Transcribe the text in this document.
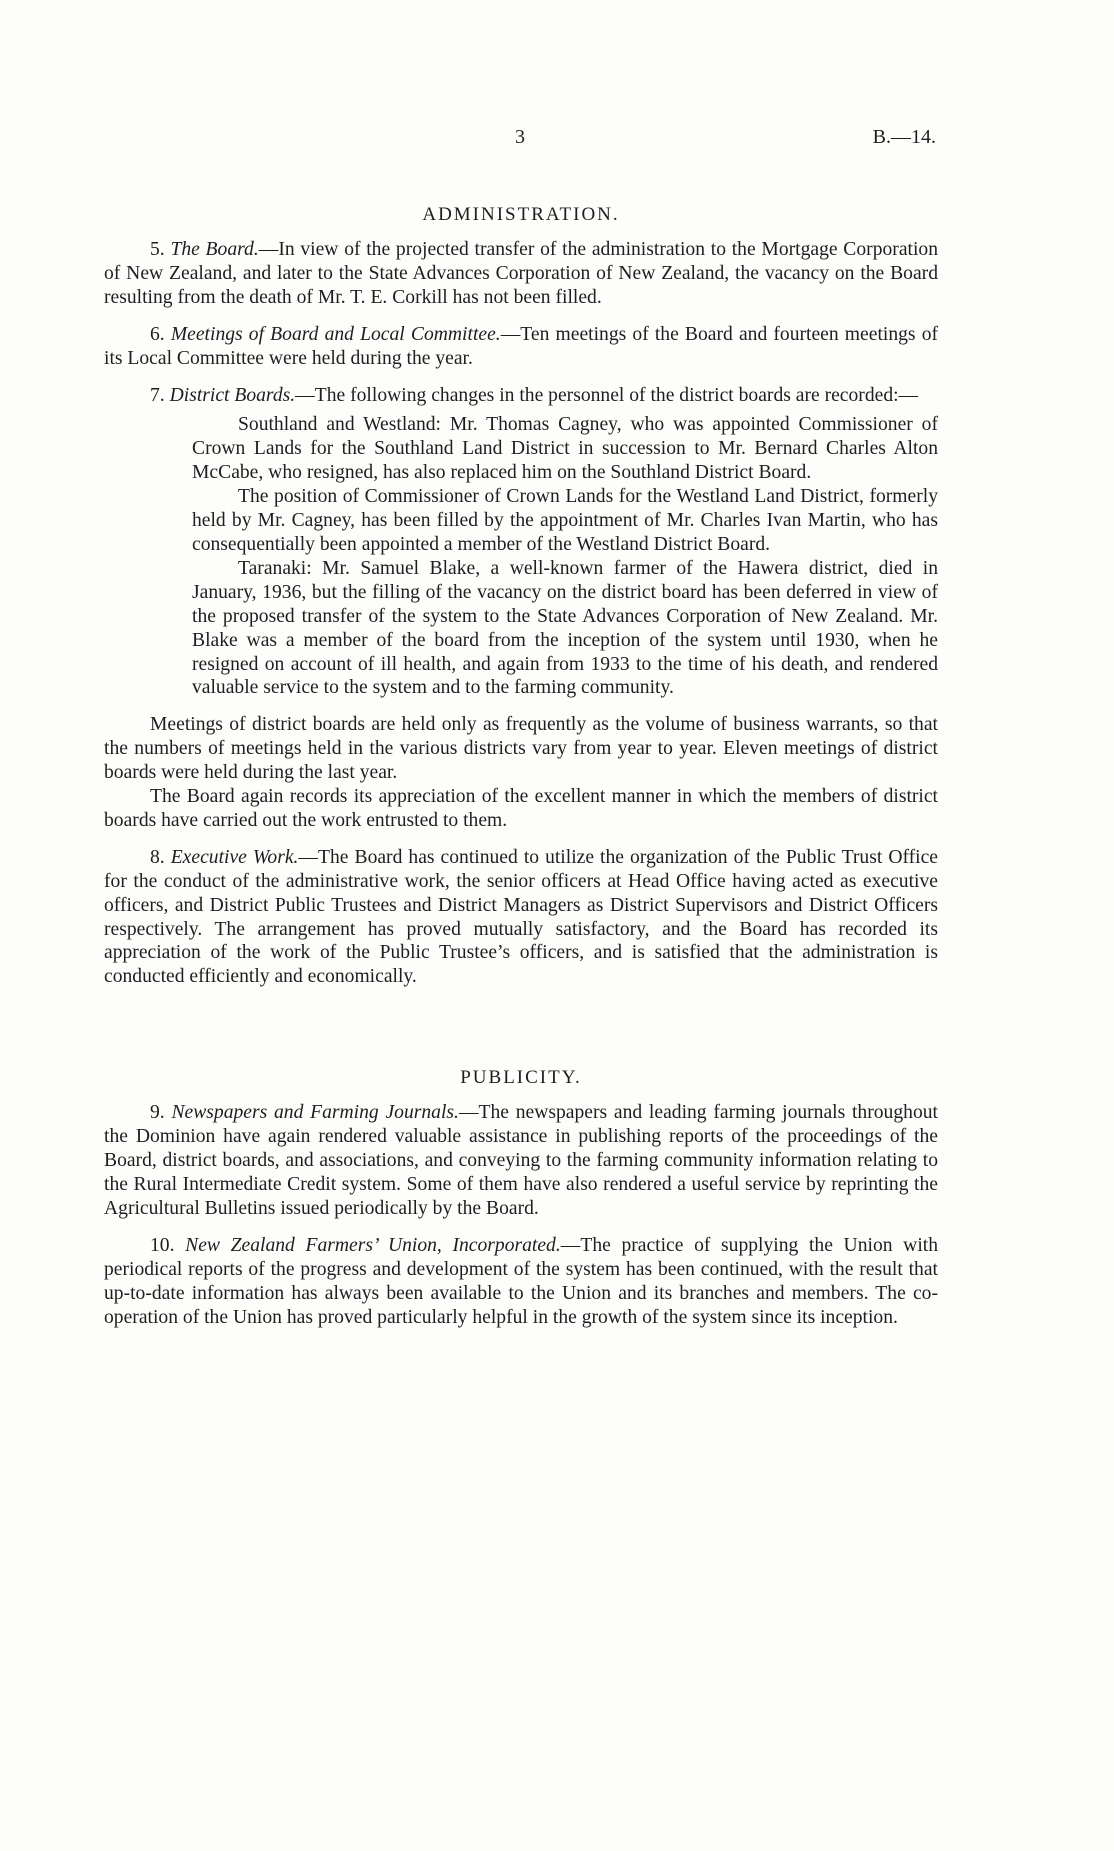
3	B.—14.
ADMINISTRATION.

5. The Board.—In view of the projected transfer of the administration to the Mortgage Corporation of New Zealand, and later to the State Advances Corporation of New Zealand, the vacancy on the Board resulting from the death of Mr. T. E. Corkill has not been filled.

6. Meetings of Board and Local Committee.—Ten meetings of the Board and fourteen meetings of its Local Committee were held during the year.

7. District Boards.—The following changes in the personnel of the district boards are recorded:—

Southland and Westland: Mr. Thomas Cagney, who was appointed Commissioner of Crown Lands for the Southland Land District in succession to Mr. Bernard Charles Alton McCabe, who resigned, has also replaced him on the Southland District Board.

The position of Commissioner of Crown Lands for the Westland Land District, formerly held by Mr. Cagney, has been filled by the appointment of Mr. Charles Ivan Martin, who has consequentially been appointed a member of the Westland District Board.

Taranaki: Mr. Samuel Blake, a well-known farmer of the Hawera district, died in January, 1936, but the filling of the vacancy on the district board has been deferred in view of the proposed transfer of the system to the State Advances Corporation of New Zealand. Mr. Blake was a member of the board from the inception of the system until 1930, when he resigned on account of ill health, and again from 1933 to the time of his death, and rendered valuable service to the system and to the farming community.

Meetings of district boards are held only as frequently as the volume of business warrants, so that the numbers of meetings held in the various districts vary from year to year. Eleven meetings of district boards were held during the last year.

The Board again records its appreciation of the excellent manner in which the members of district boards have carried out the work entrusted to them.

8. Executive Work.—The Board has continued to utilize the organization of the Public Trust Office for the conduct of the administrative work, the senior officers at Head Office having acted as executive officers, and District Public Trustees and District Managers as District Supervisors and District Officers respectively. The arrangement has proved mutually satisfactory, and the Board has recorded its appreciation of the work of the Public Trustee’s officers, and is satisfied that the administration is conducted efficiently and economically.

PUBLICITY.

9. Newspapers and Farming Journals.—The newspapers and leading farming journals throughout the Dominion have again rendered valuable assistance in publishing reports of the proceedings of the Board, district boards, and associations, and conveying to the farming community information relating to the Rural Intermediate Credit system. Some of them have also rendered a useful service by reprinting the Agricultural Bulletins issued periodically by the Board.

10. New Zealand Farmers’ Union, Incorporated.—The practice of supplying the Union with periodical reports of the progress and development of the system has been continued, with the result that up-to-date information has always been available to the Union and its branches and members. The co-operation of the Union has proved particularly helpful in the growth of the system since its inception.
